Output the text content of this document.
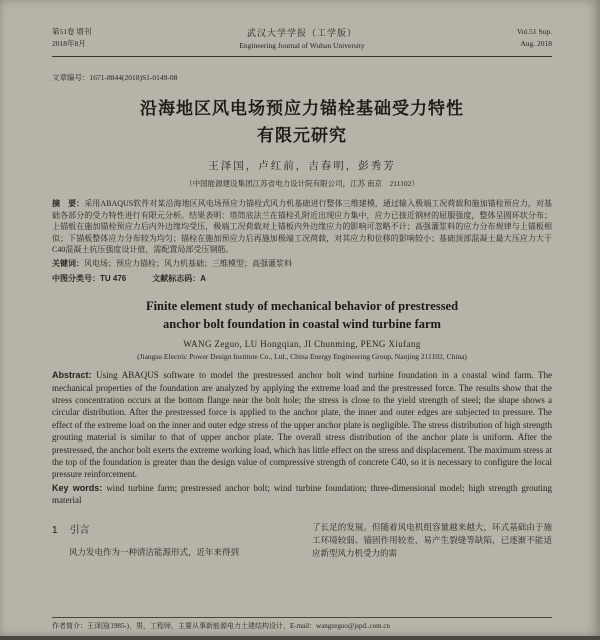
第51卷 增刊
2018年8月
武汉大学学报（工学版）
Engineering Journal of Wuhan University
Vol.51 Sup.
Aug. 2018
文章编号：1671-8844(2018)S1-0149-08
沿海地区风电场预应力锚栓基础受力特性
有限元研究
王泽国，卢红前，吉春明，彭秀芳
（中国能源建设集团江苏省电力设计院有限公司，江苏 南京　211102）

摘　要：采用ABAQUS软件对某沿海地区风电场预应力锚栓式风力机基础进行整体三维建模，通过输入极端工况荷载和施加锚栓预应力，对基础各部分的受力特性进行有限元分析。结果表明：塔筒底法兰在锚栓孔附近出现应力集中，应力已接近钢材的屈服强度，整体呈圆环状分布；上锚板在施加锚栓预应力后内外边缘均受压，极端工况荷载对上锚板内外边缘应力的影响可忽略不计；高强灌浆料的应力分布规律与上锚板相似；下锚板整体应力分布较为均匀；锚栓在施加预应力后再施加极端工况荷载，对其应力和位移的影响较小；基础顶部混凝土最大压应力大于C40混凝土抗压强度设计值，需配置局部受压钢筋。

关键词：风电场；预应力锚栓；风力机基础；三维模型；高强灌浆料

中图分类号：TU 476	文献标志码：A
Finite element study of mechanical behavior of prestressed
anchor bolt foundation in coastal wind turbine farm
WANG Zeguo, LU Hongqian, JI Chunming, PENG Xiufang
(Jiangsu Electric Power Design Institute Co., Ltd., China Energy Engineering Group, Nanjing 211102, China)

Abstract: Using ABAQUS software to model the prestressed anchor bolt wind turbine foundation in a coastal wind farm. The mechanical properties of the foundation are analyzed by applying the extreme load and the prestressed force. The results show that the stress concentration occurs at the bottom flange near the bolt hole; the stress is close to the yield strength of steel; the shape shows a circular distribution. After the prestressed force is applied to the anchor plate, the inner and outer edges are subjected to pressure. The effect of the extreme load on the inner and outer edge stress of the upper anchor plate is negligible. The stress distribution of high strength grouting material is similar to that of upper anchor plate. The overall stress distribution of the anchor plate is uniform. After the prestressed, the anchor bolt exerts the extreme working load, which has little effect on the stress and displacement. The maximum stress at the top of the foundation is greater than the design value of compressive strength of concrete C40, so it is necessary to configure the local pressure reinforcement.

Key words: wind turbine farm; prestressed anchor bolt; wind turbine foundation; three-dimensional model; high strength grouting material

1 引言

风力发电作为一种清洁能源形式，近年来得到

了长足的发展。但随着风电机组容量越来越大，环式基础由于施工环境较弱、锚固作用较差，易产生裂缝等缺陷，已逐渐不能适应新型风力机受力的需

作者简介：王泽国(1985-)，男，工程师，主要从事新能源电力土建结构设计，E-mail：wangzeguo@jspd..com.cn
